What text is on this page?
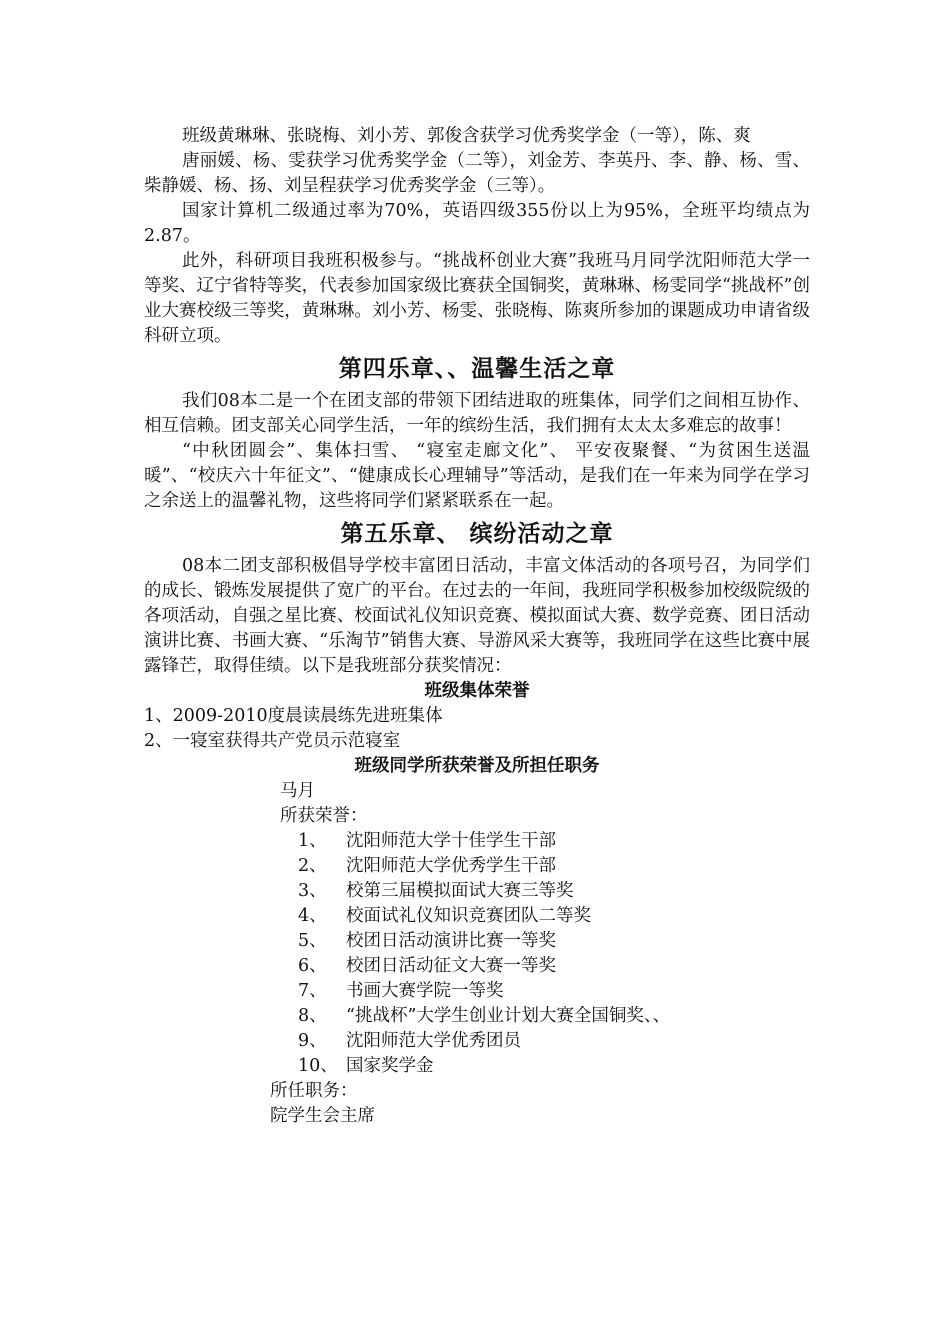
班级黄琳琳、张晓梅、刘小芳、郭俊含获学习优秀奖学金（一等），陈、爽

唐丽媛、杨、雯获学习优秀奖学金（二等），刘金芳、李英丹、李、静、杨、雪、柴静媛、杨、扬、刘呈程获学习优秀奖学金（三等）。

国家计算机二级通过率为70%，英语四级355份以上为95%，全班平均绩点为2.87。

此外，科研项目我班积极参与。“挑战杯创业大赛”我班马月同学沈阳师范大学一等奖、辽宁省特等奖，代表参加国家级比赛获全国铜奖，黄琳琳、杨雯同学“挑战杯”创业大赛校级三等奖，黄琳琳。刘小芳、杨雯、张晓梅、陈爽所参加的课题成功申请省级科研立项。

第四乐章、、温馨生活之章

我们08本二是一个在团支部的带领下团结进取的班集体，同学们之间相互协作、相互信赖。团支部关心同学生活，一年的缤纷生活，我们拥有太太太多难忘的故事！

“中秋团圆会”、集体扫雪、 “寝室走廊文化”、 平安夜聚餐、“为贫困生送温暖”、“校庆六十年征文”、“健康成长心理辅导”等活动，是我们在一年来为同学在学习之余送上的温馨礼物，这些将同学们紧紧联系在一起。

第五乐章、 缤纷活动之章

08本二团支部积极倡导学校丰富团日活动，丰富文体活动的各项号召，为同学们的成长、锻炼发展提供了宽广的平台。在过去的一年间，我班同学积极参加校级院级的各项活动，自强之星比赛、校面试礼仪知识竞赛、模拟面试大赛、数学竞赛、团日活动演讲比赛、书画大赛、“乐淘节”销售大赛、导游风采大赛等，我班同学在这些比赛中展露锋芒，取得佳绩。以下是我班部分获奖情况：

班级集体荣誉
1、2009-2010度晨读晨练先进班集体
2、一寝室获得共产党员示范寝室
班级同学所获荣誉及所担任职务
马月
所获荣誉：
1、	沈阳师范大学十佳学生干部
2、	沈阳师范大学优秀学生干部
3、	校第三届模拟面试大赛三等奖
4、	校面试礼仪知识竞赛团队二等奖
5、	校团日活动演讲比赛一等奖
6、	校团日活动征文大赛一等奖
7、	书画大赛学院一等奖
8、	“挑战杯”大学生创业计划大赛全国铜奖、、
9、	沈阳师范大学优秀团员
10、 国家奖学金
所任职务：
院学生会主席
